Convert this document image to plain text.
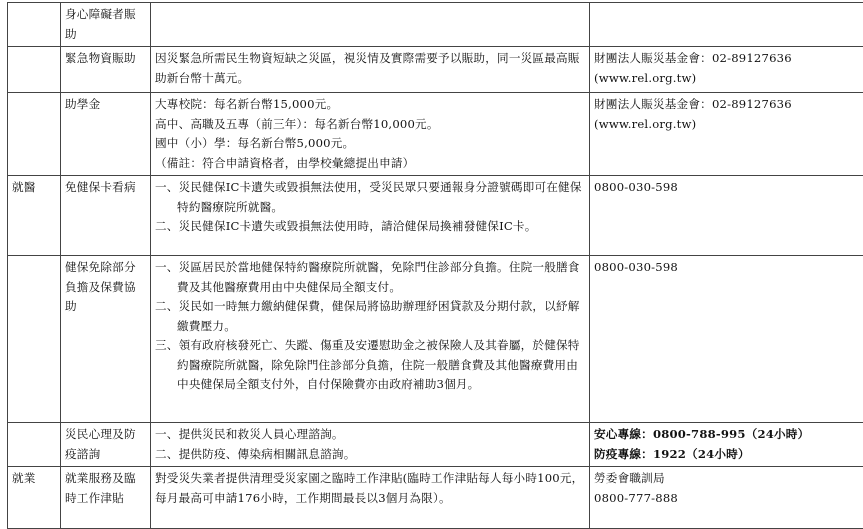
	身心障礙者賑助		
	緊急物資賑助	因災緊急所需民生物資短缺之災區，視災情及實際需要予以賑助，同一災區最高賑助新台幣十萬元。	財團法人賑災基金會：02-89127636
(www.rel.org.tw)

	助學金	大專校院：每名新台幣15,000元。
高中、高職及五專（前三年）：每名新台幣10,000元。
國中（小）學：每名新台幣5,000元。
（備註：符合申請資格者，由學校彙總提出申請）	財團法人賑災基金會：02-89127636
(www.rel.org.tw)

就醫	免健保卡看病	一、災民健保IC卡遺失或毀損無法使用，受災民眾只要通報身分證號碼即可在健保特約醫療院所就醫。
二、災民健保IC卡遺失或毀損無法使用時，請洽健保局換補發健保IC卡。	0800-030-598

	健保免除部分負擔及保費協助	一、災區居民於當地健保特約醫療院所就醫，免除門住診部分負擔。住院一般膳食費及其他醫療費用由中央健保局全額支付。
二、災民如一時無力繳納健保費，健保局將協助辦理紓困貸款及分期付款，以紓解繳費壓力。
三、領有政府核發死亡、失蹤、傷重及安遷慰助金之被保險人及其眷屬，於健保特約醫療院所就醫，除免除門住診部分負擔，住院一般膳食費及其他醫療費用由中央健保局全額支付外，自付保險費亦由政府補助3個月。	0800-030-598

	災民心理及防疫諮詢	一、提供災民和救災人員心理諮詢。
二、提供防疫、傳染病相關訊息諮詢。	安心專線：0800-788-995（24小時）
防疫專線：1922（24小時）

就業	就業服務及臨時工作津貼	對受災失業者提供清理受災家園之臨時工作津貼(臨時工作津貼每人每小時100元，每月最高可申請176小時，工作期間最長以3個月為限）。	勞委會職訓局
0800-777-888
